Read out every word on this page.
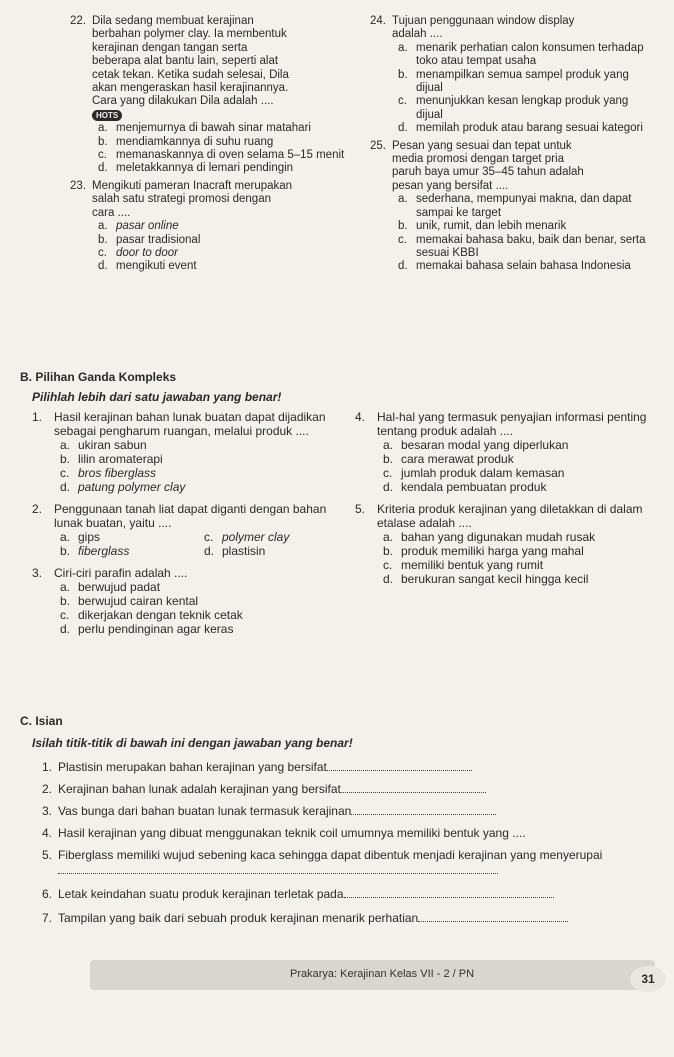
22. Dila sedang membuat kerajinan
berbahan polymer clay. Ia membentuk
kerajinan dengan tangan serta
beberapa alat bantu lain, seperti alat
cetak tekan. Ketika sudah selesai, Dila
akan mengeraskan hasil kerajinannya.
Cara yang dilakukan Dila adalah ....
HOTS
a. menjemurnya di bawah sinar matahari
b. mendiamkannya di suhu ruang
c. memanaskannya di oven selama 5–15 menit
d. meletakkannya di lemari pendingin
23. Mengikuti pameran Inacraft merupakan
salah satu strategi promosi dengan
cara ....
a. pasar online
b. pasar tradisional
c. door to door
d. mengikuti event
24. Tujuan penggunaan window display
adalah ....
a. menarik perhatian calon konsumen terhadap toko atau tempat usaha
b. menampilkan semua sampel produk yang dijual
c. menunjukkan kesan lengkap produk yang dijual
d. memilah produk atau barang sesuai kategori
25. Pesan yang sesuai dan tepat untuk
media promosi dengan target pria
paruh baya umur 35–45 tahun adalah
pesan yang bersifat ....
a. sederhana, mempunyai makna, dan dapat sampai ke target
b. unik, rumit, dan lebih menarik
c. memakai bahasa baku, baik dan benar, serta sesuai KBBI
d. memakai bahasa selain bahasa Indonesia
B. Pilihan Ganda Kompleks
Pilihlah lebih dari satu jawaban yang benar!
1. Hasil kerajinan bahan lunak buatan dapat dijadikan sebagai pengharum ruangan, melalui produk ....
a. ukiran sabun
b. lilin aromaterapi
c. bros fiberglass
d. patung polymer clay
2. Penggunaan tanah liat dapat diganti dengan bahan lunak buatan, yaitu ....
a. gips	c. polymer clay
b. fiberglass	d. plastisin
3. Ciri-ciri parafin adalah ....
a. berwujud padat
b. berwujud cairan kental
c. dikerjakan dengan teknik cetak
d. perlu pendinginan agar keras
4. Hal-hal yang termasuk penyajian informasi penting tentang produk adalah ....
a. besaran modal yang diperlukan
b. cara merawat produk
c. jumlah produk dalam kemasan
d. kendala pembuatan produk
5. Kriteria produk kerajinan yang diletakkan di dalam etalase adalah ....
a. bahan yang digunakan mudah rusak
b. produk memiliki harga yang mahal
c. memiliki bentuk yang rumit
d. berukuran sangat kecil hingga kecil
C. Isian
Isilah titik-titik di bawah ini dengan jawaban yang benar!
1. Plastisin merupakan bahan kerajinan yang bersifat
2. Kerajinan bahan lunak adalah kerajinan yang bersifat
3. Vas bunga dari bahan buatan lunak termasuk kerajinan
4. Hasil kerajinan yang dibuat menggunakan teknik coil umumnya memiliki bentuk yang ....
5. Fiberglass memiliki wujud sebening kaca sehingga dapat dibentuk menjadi kerajinan yang menyerupai
6. Letak keindahan suatu produk kerajinan terletak pada
7. Tampilan yang baik dari sebuah produk kerajinan menarik perhatian
Prakarya: Kerajinan Kelas VII - 2 / PN	31
